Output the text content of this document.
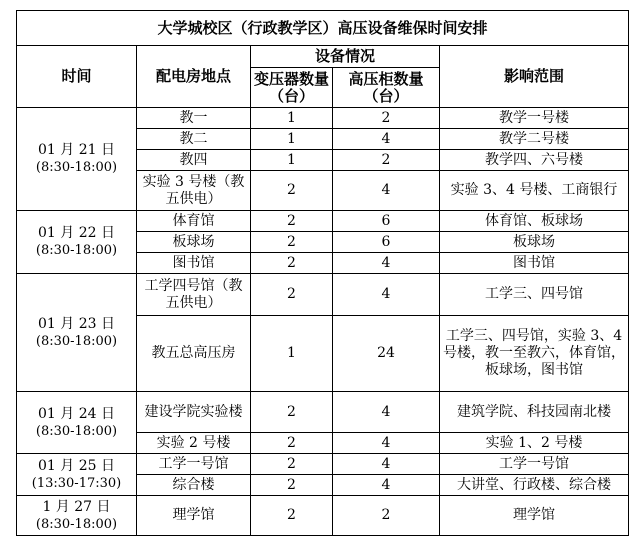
大学城校区（行政教学区）高压设备维保时间安排				
时间	配电房地点	设备情况		影响范围
		变压器数量（台）	高压柜数量（台）	

01 月 21 日
(8:30-18:00)	教一	1	2	教学一号楼
	教二	1	4	教学二号楼
	教四	1	2	教学四、六号楼
	实验 3 号楼（教五供电）	2	4	实验 3、4 号楼、工商银行

01 月 22 日
(8:30-18:00)	体育馆	2	6	体育馆、板球场
	板球场	2	6	板球场
	图书馆	2	4	图书馆

01 月 23 日
(8:30-18:00)	工学四号馆（教五供电）	2	4	工学三、四号馆
	教五总高压房	1	24	工学三、四号馆，实验 3、4 号楼，教一至教六，体育馆，板球场，图书馆

01 月 24 日
(8:30-18:00)	建设学院实验楼	2	4	建筑学院、科技园南北楼
	实验 2 号楼	2	4	实验 1、2 号楼

01 月 25 日
(13:30-17:30)	工学一号馆	2	4	工学一号馆
	综合楼	2	4	大讲堂、行政楼、综合楼

1 月 27 日
(8:30-18:00)	理学馆	2	2	理学馆
